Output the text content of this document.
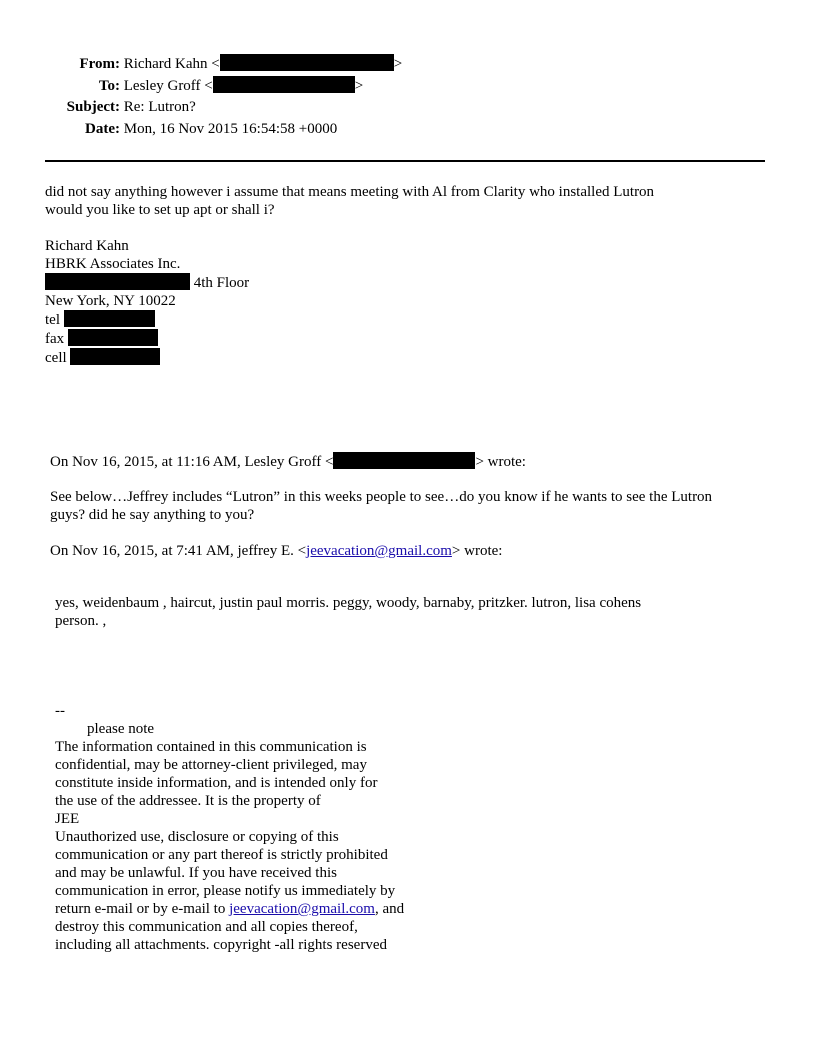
From: Richard Kahn <	>
To: Lesley Groff <	>
Subject: Re: Lutron?
Date: Mon, 16 Nov 2015 16:54:58 +0000
did not say anything however i assume that means meeting with Al from Clarity who installed Lutron
would you like to set up apt or shall i?
Richard Kahn
HBRK Associates Inc.
4th Floor
New York, NY 10022
tel
fax
cell
On Nov 16, 2015, at 11:16 AM, Lesley Groff <	> wrote:
See below…Jeffrey includes “Lutron” in this weeks people to see…do you know if he wants to see the Lutron
guys? did he say anything to you?
On Nov 16, 2015, at 7:41 AM, jeffrey E. <jeevacation@gmail.com> wrote:
yes, weidenbaum , haircut, justin paul morris. peggy, woody, barnaby, pritzker. lutron, lisa cohens
person. ,
--
please note
The information contained in this communication is
confidential, may be attorney-client privileged, may
constitute inside information, and is intended only for
the use of the addressee. It is the property of
JEE
Unauthorized use, disclosure or copying of this
communication or any part thereof is strictly prohibited
and may be unlawful. If you have received this
communication in error, please notify us immediately by
return e-mail or by e-mail to jeevacation@gmail.com, and
destroy this communication and all copies thereof,
including all attachments. copyright -all rights reserved
